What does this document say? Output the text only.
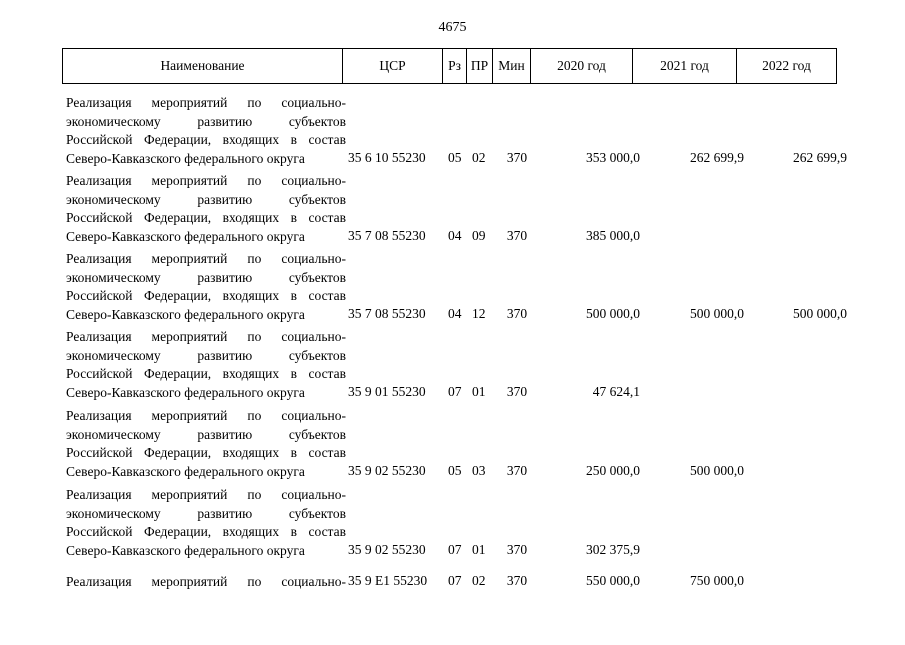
4675
Наименование	ЦСР	Рз	ПР	Мин	2020 год	2021 год	2022 год
Реализация мероприятий по социально-
экономическому развитию субъектов
Российской Федерации, входящих в состав
Северо-Кавказского федерального округа	35 6 10 55230	05 02	370	353 000,0	262 699,9	262 699,9
Реализация мероприятий по социально-
экономическому развитию субъектов
Российской Федерации, входящих в состав
Северо-Кавказского федерального округа	35 7 08 55230	04 09	370	385 000,0
Реализация мероприятий по социально-
экономическому развитию субъектов
Российской Федерации, входящих в состав
Северо-Кавказского федерального округа	35 7 08 55230	04 12	370	500 000,0	500 000,0	500 000,0
Реализация мероприятий по социально-
экономическому развитию субъектов
Российской Федерации, входящих в состав
Северо-Кавказского федерального округа	35 9 01 55230	07 01	370	47 624,1
Реализация мероприятий по социально-
экономическому развитию субъектов
Российской Федерации, входящих в состав
Северо-Кавказского федерального округа	35 9 02 55230	05 03	370	250 000,0	500 000,0
Реализация мероприятий по социально-
экономическому развитию субъектов
Российской Федерации, входящих в состав
Северо-Кавказского федерального округа	35 9 02 55230	07 01	370	302 375,9
Реализация мероприятий по социально- 35 9 E1 55230	07 02	370	550 000,0	750 000,0
